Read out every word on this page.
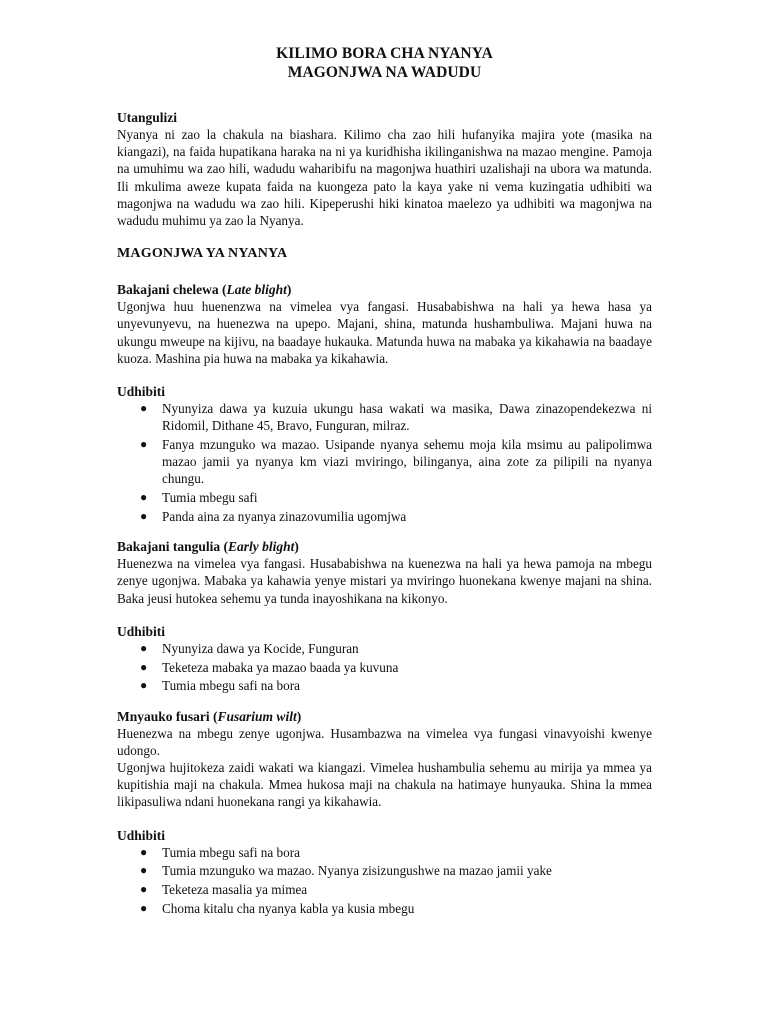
KILIMO BORA CHA NYANYA
MAGONJWA NA WADUDU
Utangulizi

Nyanya ni zao la chakula na biashara. Kilimo cha zao hili hufanyika majira yote (masika na kiangazi), na faida hupatikana haraka na ni ya kuridhisha ikilinganishwa na mazao mengine. Pamoja na umuhimu wa zao hili, wadudu waharibifu na magonjwa huathiri uzalishaji na ubora wa matunda. Ili mkulima aweze kupata faida na kuongeza pato la kaya yake ni vema kuzingatia udhibiti wa magonjwa na wadudu wa zao hili. Kipeperushi hiki kinatoa maelezo ya udhibiti wa magonjwa na wadudu muhimu ya zao la Nyanya.

MAGONJWA YA NYANYA
Bakajani chelewa (Late blight)

Ugonjwa huu huenenzwa na vimelea vya fangasi. Husababishwa na hali ya hewa hasa ya unyevunyevu, na huenezwa na upepo. Majani, shina, matunda hushambuliwa. Majani huwa na ukungu mweupe na kijivu, na baadaye hukauka. Matunda huwa na mabaka ya kikahawia na baadaye kuoza. Mashina pia huwa na mabaka ya kikahawia.

Udhibiti
● Nyunyiza dawa ya kuzuia ukungu hasa wakati wa masika, Dawa zinazopendekezwa ni Ridomil, Dithane 45, Bravo, Funguran, milraz.
● Fanya mzunguko wa mazao. Usipande nyanya sehemu moja kila msimu au palipolimwa mazao jamii ya nyanya km viazi mviringo, bilinganya, aina zote za pilipili na nyanya chungu.
● Tumia mbegu safi
● Panda aina za nyanya zinazovumilia ugomjwa
Bakajani tangulia (Early blight)

Huenezwa na vimelea vya fangasi. Husababishwa na kuenezwa na hali ya hewa pamoja na mbegu zenye ugonjwa. Mabaka ya kahawia yenye mistari ya mviringo huonekana kwenye majani na shina. Baka jeusi hutokea sehemu ya tunda inayoshikana na kikonyo.

Udhibiti
● Nyunyiza dawa ya Kocide, Funguran
● Teketeza mabaka ya mazao baada ya kuvuna
● Tumia mbegu safi na bora
Mnyauko fusari (Fusarium wilt)

Huenezwa na mbegu zenye ugonjwa. Husambazwa na vimelea vya fungasi vinavyoishi kwenye udongo.

Ugonjwa hujitokeza zaidi wakati wa kiangazi. Vimelea hushambulia sehemu au mirija ya mmea ya kupitishia maji na chakula. Mmea hukosa maji na chakula na hatimaye hunyauka. Shina la mmea likipasuliwa ndani huonekana rangi ya kikahawia.

Udhibiti
● Tumia mbegu safi na bora
● Tumia mzunguko wa mazao. Nyanya zisizungushwe na mazao jamii yake
● Teketeza masalia ya mimea
● Choma kitalu cha nyanya kabla ya kusia mbegu
